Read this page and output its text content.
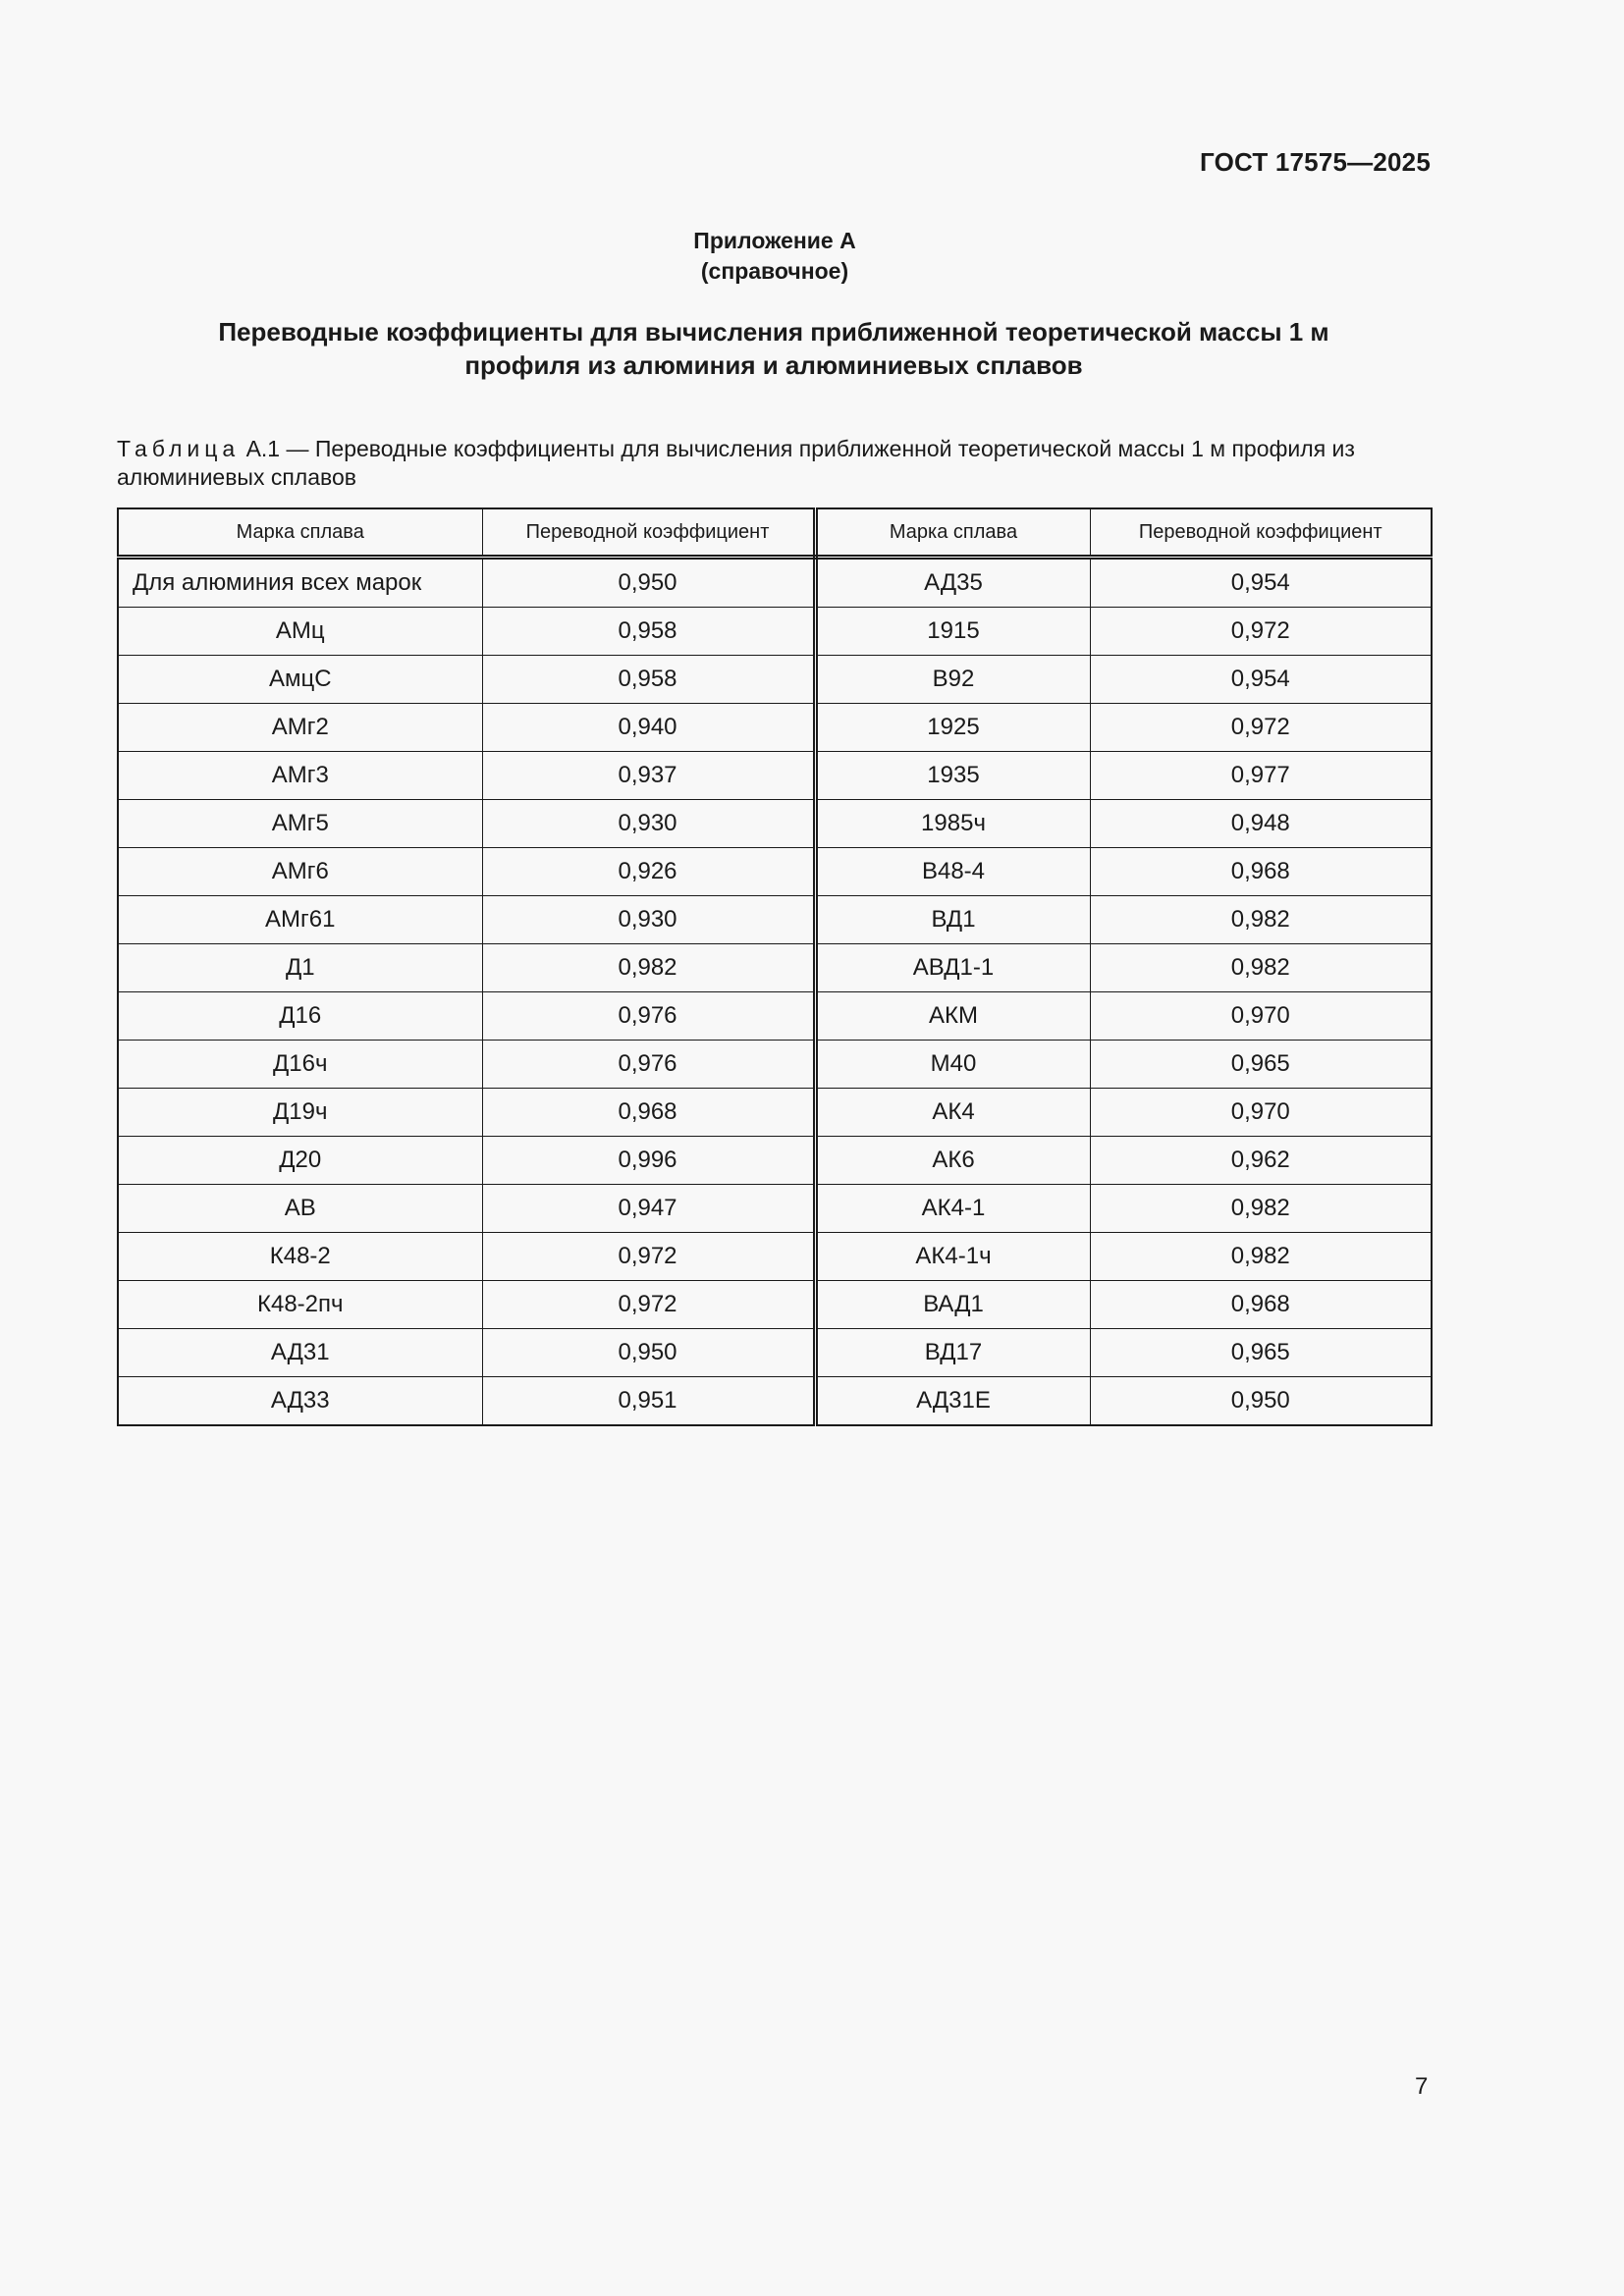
ГОСТ 17575—2025
Приложение А
(справочное)
Переводные коэффициенты для вычисления приближенной теоретической массы 1 м
профиля из алюминия и алюминиевых сплавов
Таблица А.1 — Переводные коэффициенты для вычисления приближенной теоретической массы 1 м профиля из алюминиевых сплавов
Марка сплава	Переводной коэффициент	Марка сплава	Переводной коэффициент
Для алюминия всех марок	0,950	АД35	0,954
АМц	0,958	1915	0,972
АмцС	0,958	В92	0,954
АМг2	0,940	1925	0,972
АМг3	0,937	1935	0,977
АМг5	0,930	1985ч	0,948
АМг6	0,926	В48-4	0,968
АМг61	0,930	ВД1	0,982
Д1	0,982	АВД1-1	0,982
Д16	0,976	АКМ	0,970
Д16ч	0,976	М40	0,965
Д19ч	0,968	АК4	0,970
Д20	0,996	АК6	0,962
АВ	0,947	АК4-1	0,982
К48-2	0,972	АК4-1ч	0,982
К48-2пч	0,972	ВАД1	0,968
АД31	0,950	ВД17	0,965
АД33	0,951	АД31Е	0,950
7
